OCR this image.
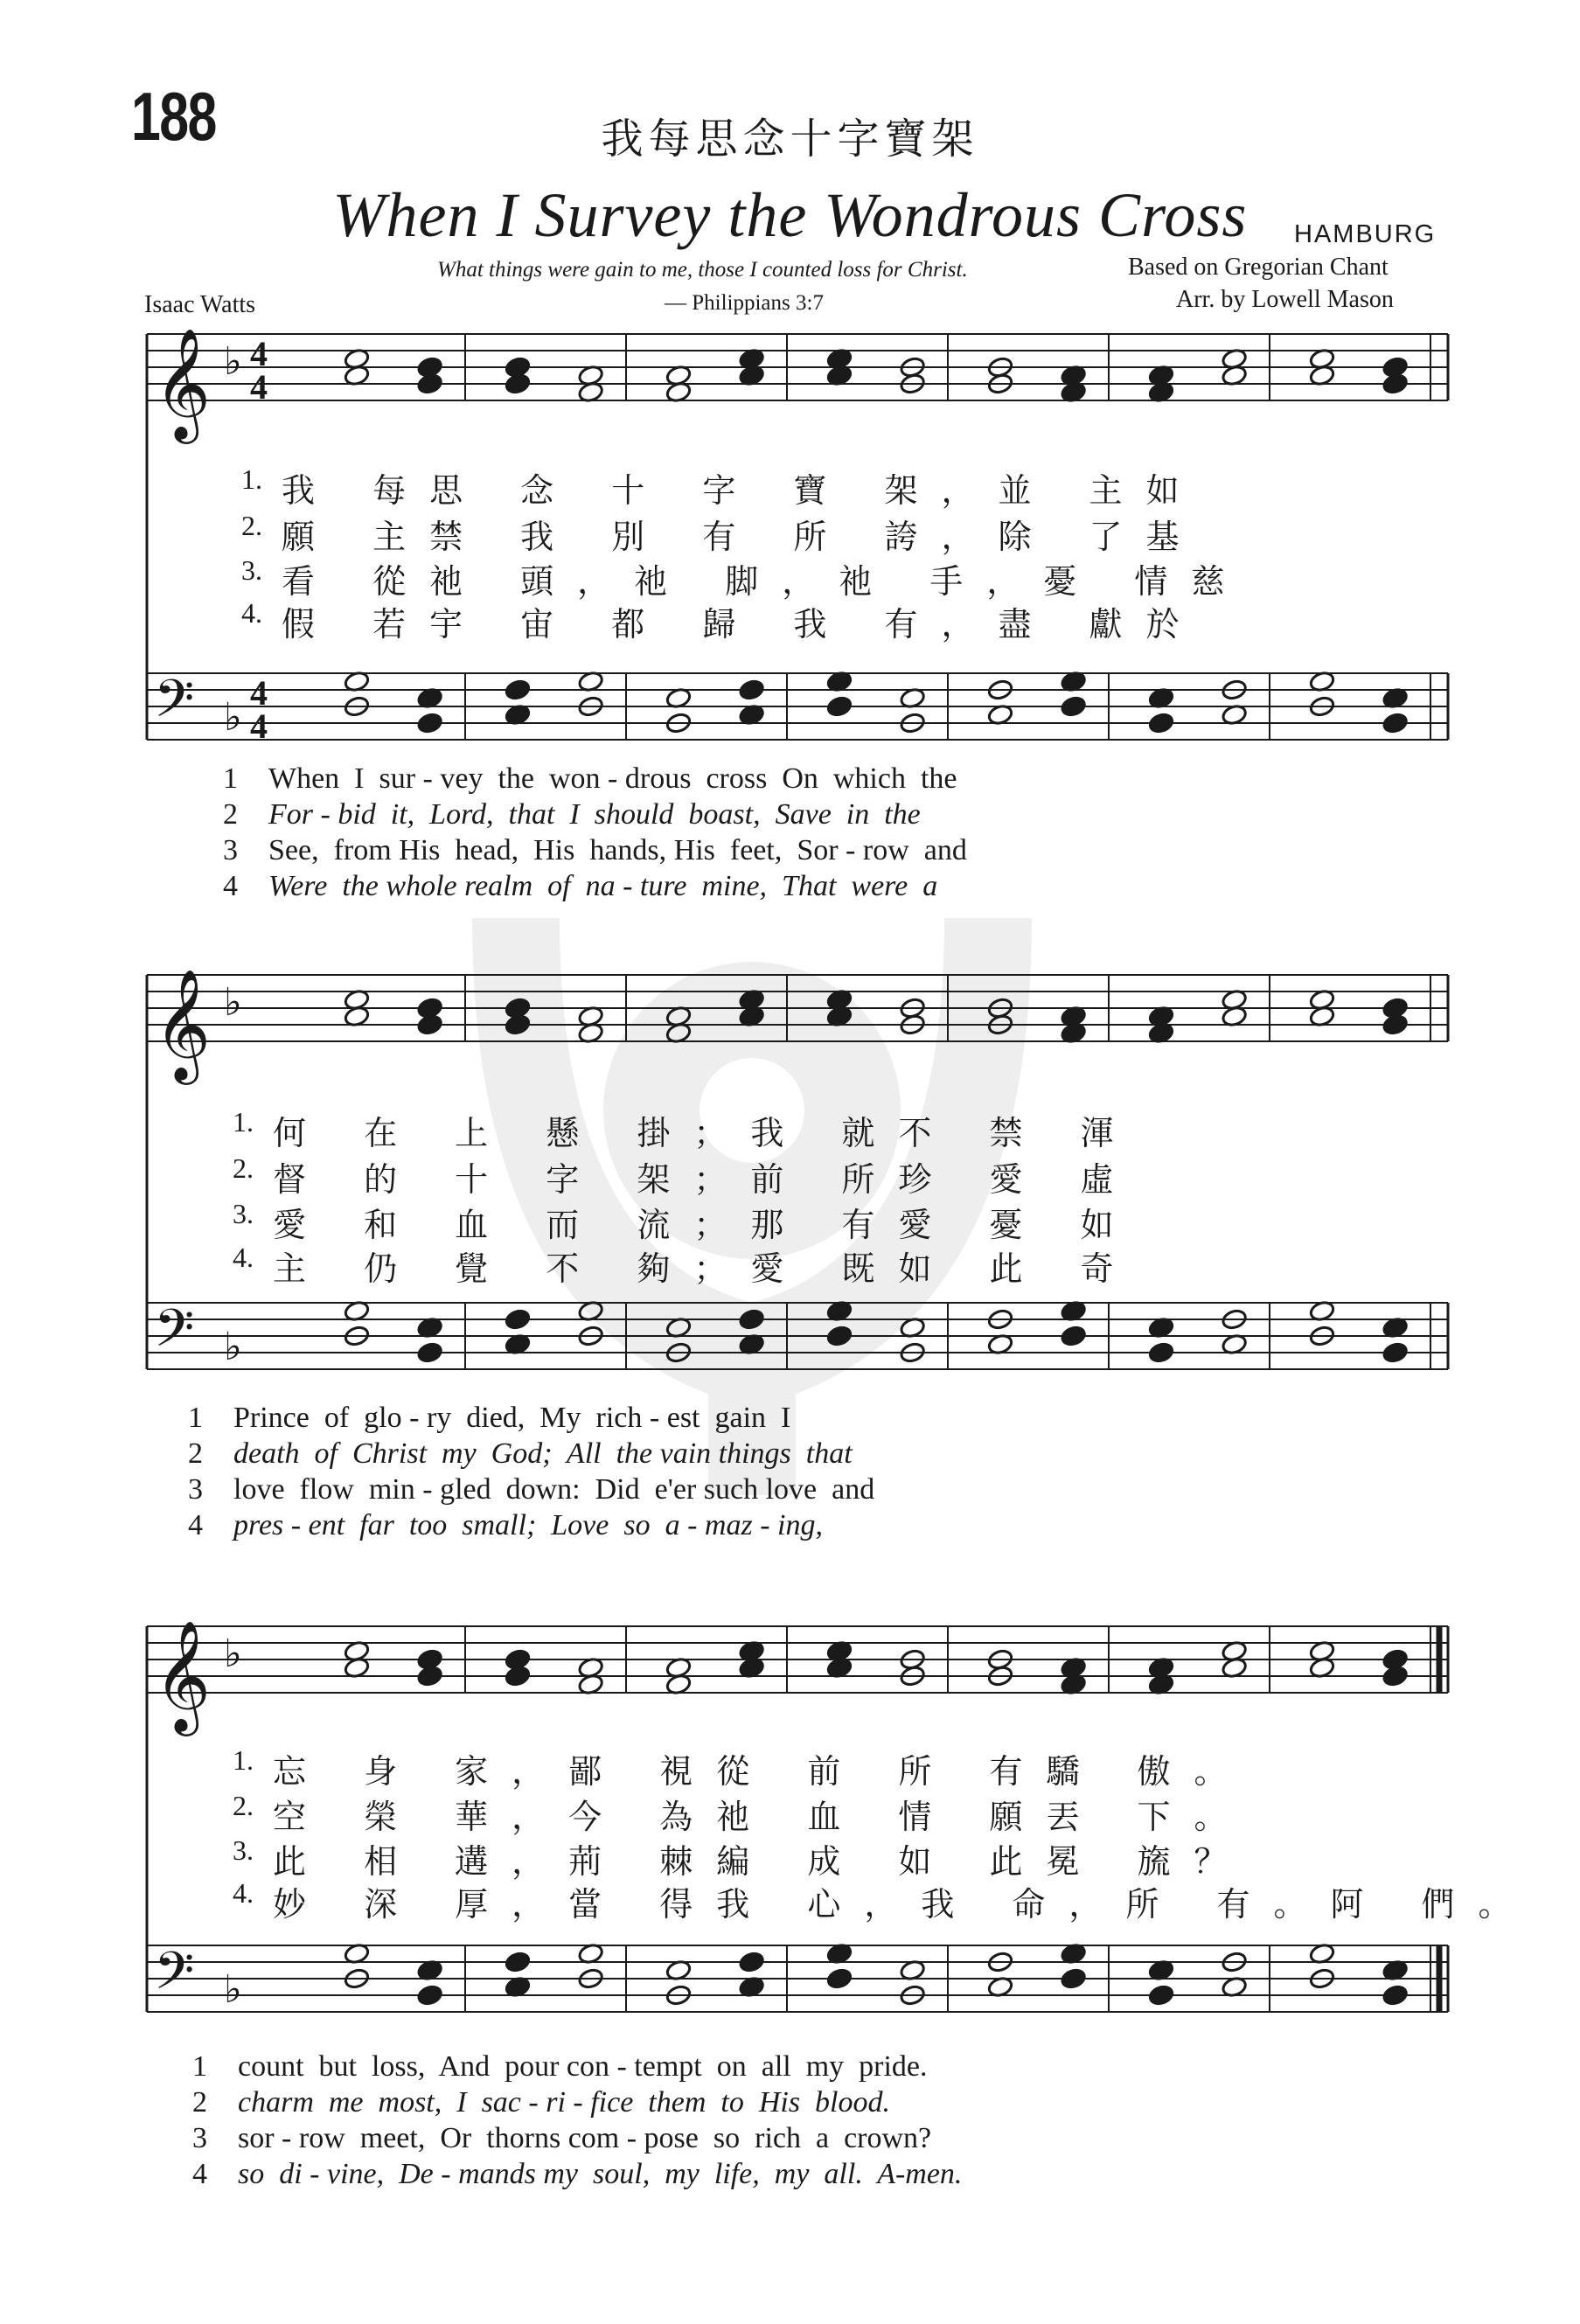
188	我每思念十字寶架
When I Survey the Wondrous Cross	HAMBURG
What things were gain to me, those I counted loss for Christ.
— Philippians 3:7
Isaac Watts
Based on Gregorian Chant
Arr. by Lowell Mason
𝄞 ♭ 4
4
𝄢 ♭
4
4
𝄞 ♭
𝄢 ♭
𝄞 ♭
𝄢 ♭
1. 我 每思 念 十 字 寶 架，並 主如
2. 願 主禁 我 別 有 所 誇，除 了基
3. 看 從祂 頭，祂 脚，祂 手，憂 情慈
4. 假 若宇 宙 都 歸 我 有，盡 獻於
1	When  I  sur - vey  the  won - drous  cross  On  which  the
2	For - bid  it,  Lord,  that  I  should  boast,  Save  in  the
3	See,  from His  head,  His  hands, His  feet,  Sor - row  and
4	Were  the whole realm  of  na - ture  mine,  That  were  a
1. 何 在 上 懸 掛；我 就不 禁 渾
2. 督 的 十 字 架；前 所珍 愛 虛
3. 愛 和 血 而 流；那 有愛 憂 如
4. 主 仍 覺 不 夠；愛 既如 此 奇
1	Prince  of  glo - ry  died,  My  rich - est  gain  I
2	death  of  Christ  my  God;  All  the vain things  that
3	love  flow  min - gled  down:  Did  e'er such love  and
4	pres - ent  far  too  small;  Love  so  a - maz - ing,
1. 忘 身 家，鄙 視從 前 所 有驕 傲。
2. 空 榮 華，今 為祂 血 情 願丟 下。
3. 此 相 遘，荊 棘編 成 如 此冕 旒？
4. 妙 深 厚，當 得我 心，我 命，所 有。阿 們。
1	count  but  loss,  And  pour con - tempt  on  all  my  pride.
2	charm  me  most,  I  sac - ri - fice  them  to  His  blood.
3	sor - row  meet,  Or  thorns com - pose  so  rich  a  crown?
4	so  di - vine,  De - mands my  soul,  my  life,  my  all.  A-men.
